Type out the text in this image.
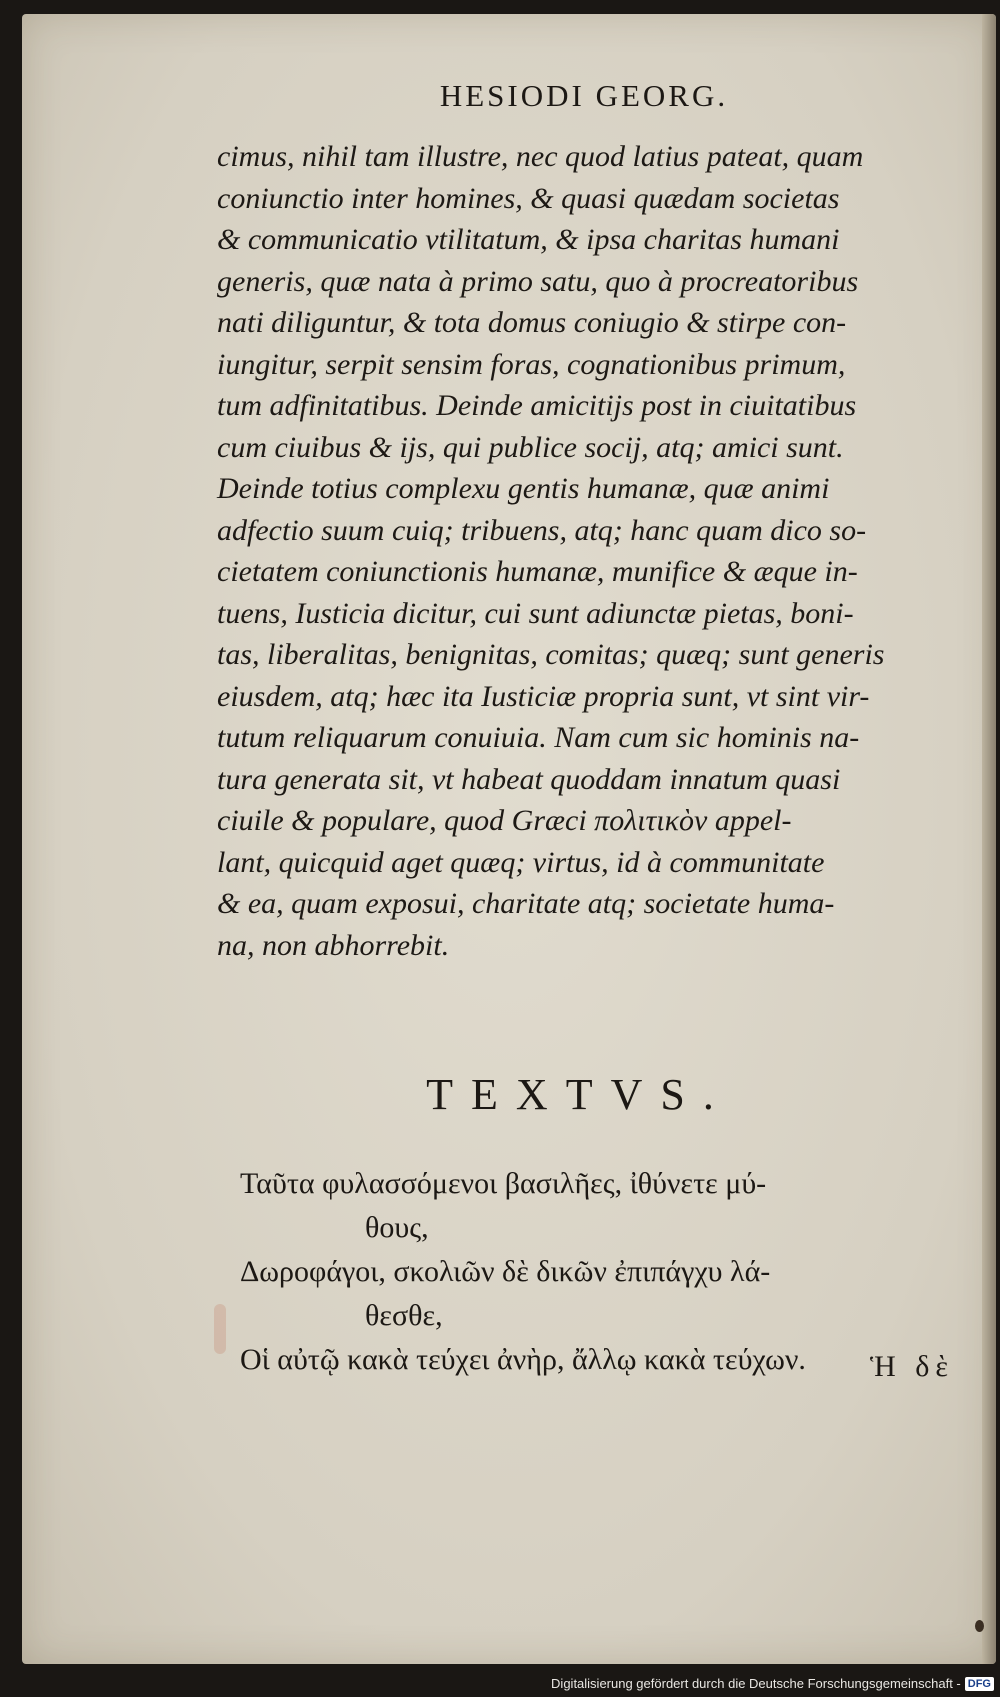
HESIODI GEORG.
cimus, nihil tam illustre, nec quod latius pateat, quam
coniunctio inter homines, & quasi quædam societas
& communicatio vtilitatum, & ipsa charitas humani
generis, quæ nata à primo satu, quo à procreatoribus
nati diliguntur, & tota domus coniugio & stirpe con-
iungitur, serpit sensim foras, cognationibus primum,
tum adfinitatibus. Deinde amicitijs post in ciuitatibus
cum ciuibus & ijs, qui publice socij, atq; amici sunt.
Deinde totius complexu gentis humanæ, quæ animi
adfectio suum cuiq; tribuens, atq; hanc quam dico so-
cietatem coniunctionis humanæ, munifice & æque in-
tuens, Iusticia dicitur, cui sunt adiunctæ pietas, boni-
tas, liberalitas, benignitas, comitas; quæq; sunt generis
eiusdem, atq; hæc ita Iusticiæ propria sunt, vt sint vir-
tutum reliquarum conuiuia. Nam cum sic hominis na-
tura generata sit, vt habeat quoddam innatum quasi
ciuile & populare, quod Græci πολιτικὸν appel-
lant, quicquid aget quæq; virtus, id à communitate
& ea, quam exposui, charitate atq; societate huma-
na, non abhorrebit.
TEXTVS.
Ταῦτα φυλασσόμενοι βασιλῆες, ἰθύνετε μύ-
θους,
Δωροφάγοι, σκολιῶν δὲ δικῶν ἐπιπάγχυ λά-
θεσθε,
Οἱ αὐτῷ κακὰ τεύχει ἀνὴρ, ἄλλῳ κακὰ τεύχων.	Ἡ δὲ
Digitalisierung gefördert durch die Deutsche Forschungsgemeinschaft - DFG
